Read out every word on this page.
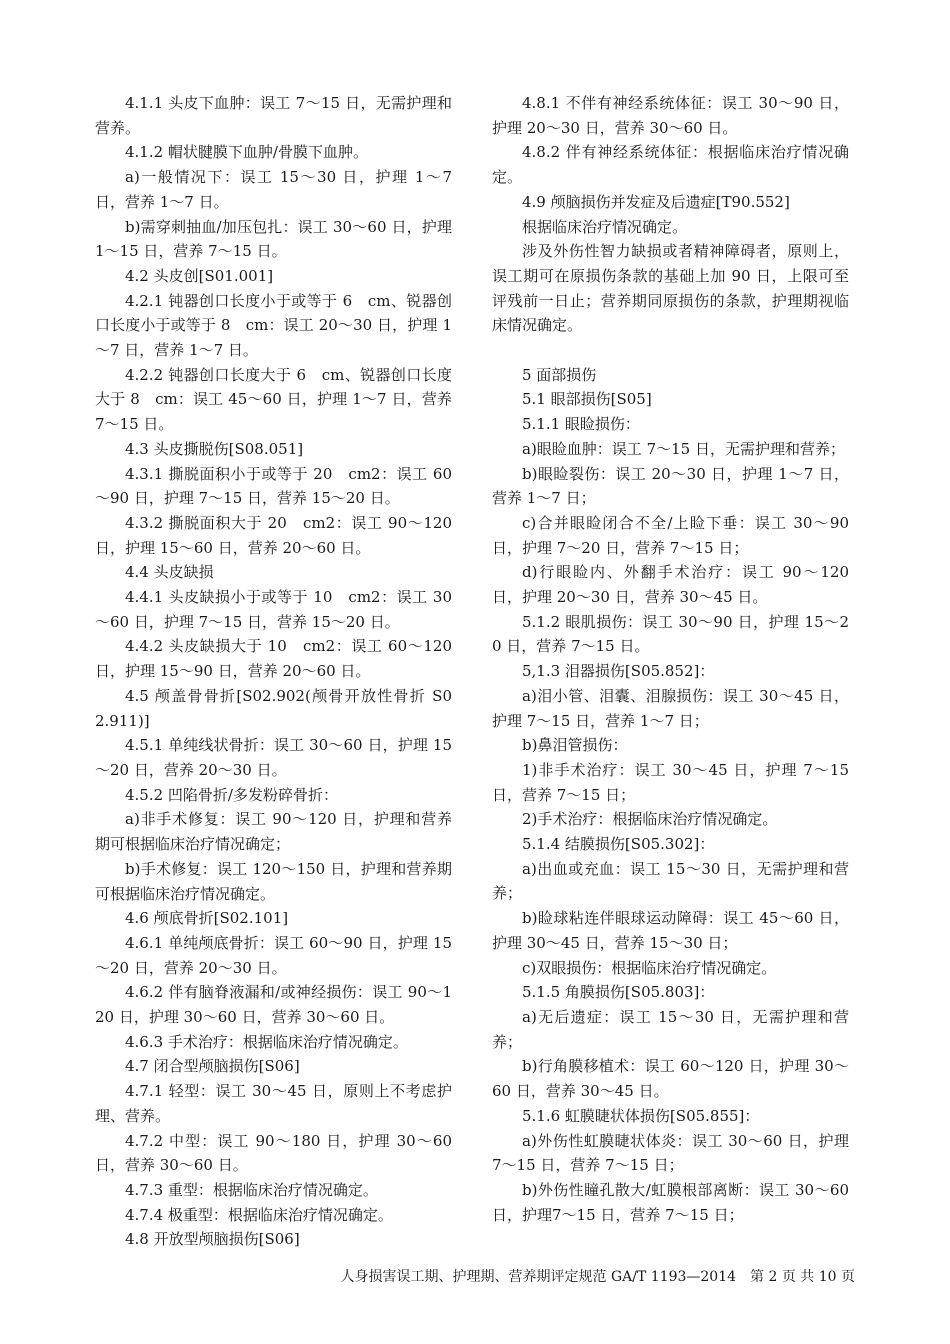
4.1.1 头皮下血肿：误工 7～15 日，无需护理和营养。

4.1.2 帽状腱膜下血肿/骨膜下血肿。

a)一般情况下：误工 15～30 日，护理 1～7 日，营养 1～7 日。

b)需穿刺抽血/加压包扎：误工 30～60 日，护理 1～15 日，营养 7～15 日。

4.2 头皮创[S01.001]

4.2.1 钝器创口长度小于或等于 6　cm、锐器创口长度小于或等于 8　cm：误工 20～30 日，护理 1～7 日，营养 1～7 日。

4.2.2 钝器创口长度大于 6　cm、锐器创口长度大于 8　cm：误工 45～60 日，护理 1～7 日，营养 7～15 日。

4.3 头皮撕脱伤[S08.051]

4.3.1 撕脱面积小于或等于 20　cm2：误工 60～90 日，护理 7～15 日，营养 15～20 日。

4.3.2 撕脱面积大于 20　cm2：误工 90～120 日，护理 15～60 日，营养 20～60 日。

4.4 头皮缺损

4.4.1 头皮缺损小于或等于 10　cm2：误工 30～60 日，护理 7～15 日，营养 15～20 日。

4.4.2 头皮缺损大于 10　cm2：误工 60～120 日，护理 15～90 日，营养 20～60 日。

4.5 颅盖骨骨折[S02.902(颅骨开放性骨折 S0　2.911)]

4.5.1 单纯线状骨折：误工 30～60 日，护理 15～20 日，营养 20～30 日。

4.5.2 凹陷骨折/多发粉碎骨折：

a)非手术修复：误工 90～120 日，护理和营养期可根据临床治疗情况确定；

b)手术修复：误工 120～150 日，护理和营养期可根据临床治疗情况确定。

4.6 颅底骨折[S02.101]

4.6.1 单纯颅底骨折：误工 60～90 日，护理 15～20 日，营养 20～30 日。

4.6.2 伴有脑脊液漏和/或神经损伤：误工 90～120 日，护理 30～60 日，营养 30～60 日。

4.6.3 手术治疗：根据临床治疗情况确定。

4.7 闭合型颅脑损伤[S06]

4.7.1 轻型：误工 30～45 日，原则上不考虑护理、营养。

4.7.2 中型：误工 90～180 日，护理 30～60 日，营养 30～60 日。

4.7.3 重型：根据临床治疗情况确定。

4.7.4 极重型：根据临床治疗情况确定。

4.8 开放型颅脑损伤[S06]

4.8.1 不伴有神经系统体征：误工 30～90 日，护理 20～30 日，营养 30～60 日。

4.8.2 伴有神经系统体征：根据临床治疗情况确定。

4.9 颅脑损伤并发症及后遗症[T90.552]

根据临床治疗情况确定。

涉及外伤性智力缺损或者精神障碍者，原则上，误工期可在原损伤条款的基础上加 90 日，上限可至评残前一日止；营养期同原损伤的条款，护理期视临床情况确定。

5 面部损伤

5.1 眼部损伤[S05]

5.1.1 眼睑损伤：

a)眼睑血肿：误工 7～15 日，无需护理和营养；

b)眼睑裂伤：误工 20～30 日，护理 1～7 日，营养 1～7 日；

c)合并眼睑闭合不全/上睑下垂：误工 30～90 日，护理 7～20 日，营养 7～15 日；

d)行眼睑内、外翻手术治疗：误工 90～120 日，护理 20～30 日，营养 30～45 日。

5.1.2 眼肌损伤：误工 30～90 日，护理 15～20 日，营养 7～15 日。

5,1.3 泪器损伤[S05.852]：

a)泪小管、泪囊、泪腺损伤：误工 30～45 日，护理 7～15 日，营养 1～7 日；

b)鼻泪管损伤：

1)非手术治疗：误工 30～45 日，护理 7～15 日，营养 7～15 日；

2)手术治疗：根据临床治疗情况确定。

5.1.4 结膜损伤[S05.302]：

a)出血或充血：误工 15～30 日，无需护理和营养；

b)睑球粘连伴眼球运动障碍：误工 45～60 日，护理 30～45 日，营养 15～30 日；

c)双眼损伤：根据临床治疗情况确定。

5.1.5 角膜损伤[S05.803]：

a)无后遗症：误工 15～30 日，无需护理和营养；

b)行角膜移植术：误工 60～120 日，护理 30～60 日，营养 30～45 日。

5.1.6 虹膜睫状体损伤[S05.855]：

a)外伤性虹膜睫状体炎：误工 30～60 日，护理 7～15 日，营养 7～15 日；

b)外伤性瞳孔散大/虹膜根部离断：误工 30～60 日，护理7～15 日，营养 7～15 日；

人身损害误工期、护理期、营养期评定规范 GA/T 1193—2014　第 2 页 共 10 页
